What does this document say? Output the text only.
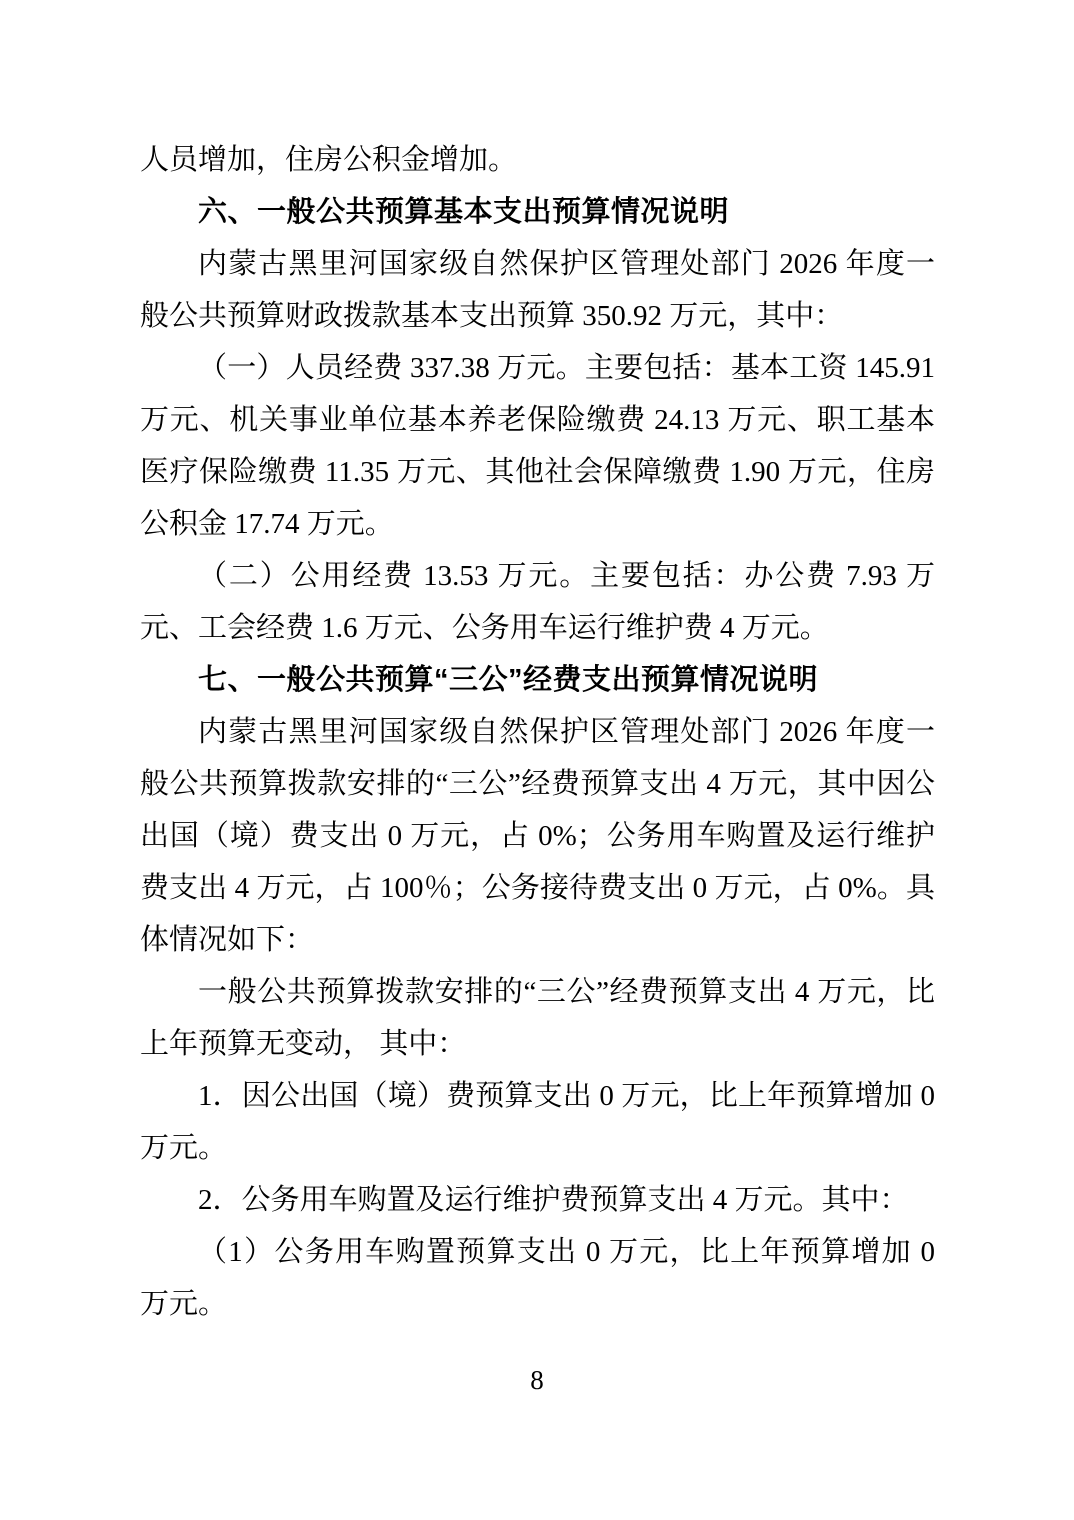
人员增加，住房公积金增加。

六、一般公共预算基本支出预算情况说明

内蒙古黑里河国家级自然保护区管理处部门 2026 年度一般公共预算财政拨款基本支出预算 350.92 万元，其中：

（一）人员经费 337.38 万元。主要包括：基本工资 145.91 万元、机关事业单位基本养老保险缴费 24.13 万元、职工基本医疗保险缴费 11.35 万元、其他社会保障缴费 1.90 万元，住房公积金 17.74 万元。

（二）公用经费 13.53 万元。主要包括：办公费 7.93 万元、工会经费 1.6 万元、公务用车运行维护费 4 万元。

七、一般公共预算“三公”经费支出预算情况说明

内蒙古黑里河国家级自然保护区管理处部门 2026 年度一般公共预算拨款安排的“三公”经费预算支出 4 万元，其中因公出国（境）费支出 0 万元，占 0%；公务用车购置及运行维护费支出 4 万元，占 100％；公务接待费支出 0 万元，占 0%。具体情况如下：

一般公共预算拨款安排的“三公”经费预算支出 4 万元，比上年预算无变动， 其中：

1．因公出国（境）费预算支出 0 万元，比上年预算增加 0 万元。

2．公务用车购置及运行维护费预算支出 4 万元。其中：

（1）公务用车购置预算支出 0 万元，比上年预算增加 0 万元。

8
